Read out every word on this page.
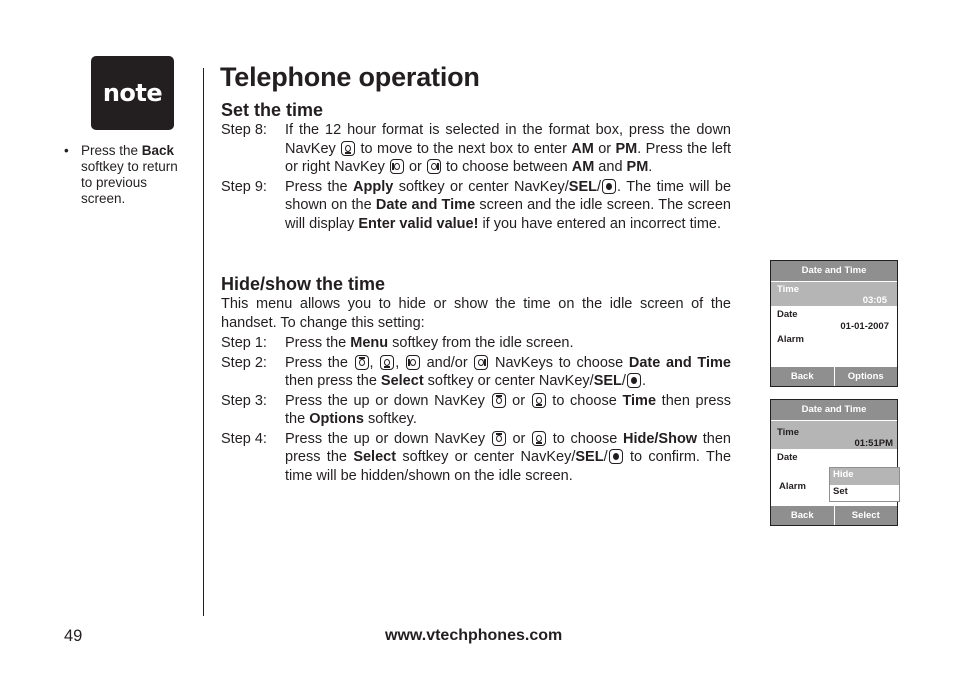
note
• Press the Back softkey to return to previous screen.
Telephone operation
Set the time
Step 8: If the 12 hour format is selected in the format box, press the down NavKey  to move to the next box to enter AM or PM. Press the left or right NavKey  or  to choose between AM and PM.
Step 9: Press the Apply softkey or center NavKey/SEL/ . The time will be shown on the Date and Time screen and the idle screen. The screen will display Enter valid value! if you have entered an incorrect time.
Hide/show the time
This menu allows you to hide or show the time on the idle screen of the handset. To change this setting:
Step 1: Press the Menu softkey from the idle screen.
Step 2: Press the , ,  and/or  NavKeys to choose Date and Time then press the Select softkey or center NavKey/SEL/ .
Step 3: Press the up or down NavKey  or  to choose Time then press the Options softkey.
Step 4: Press the up or down NavKey  or  to choose Hide/Show then press the Select softkey or center NavKey/SEL/ to confirm. The time will be hidden/shown on the idle screen.
Date and Time
Time
03:05
Date
01-01-2007
Alarm
Back	Options
Date and Time
Time
01:51PM
Date
Alarm
Hide
Set
Back	Select
49	www.vtechphones.com
